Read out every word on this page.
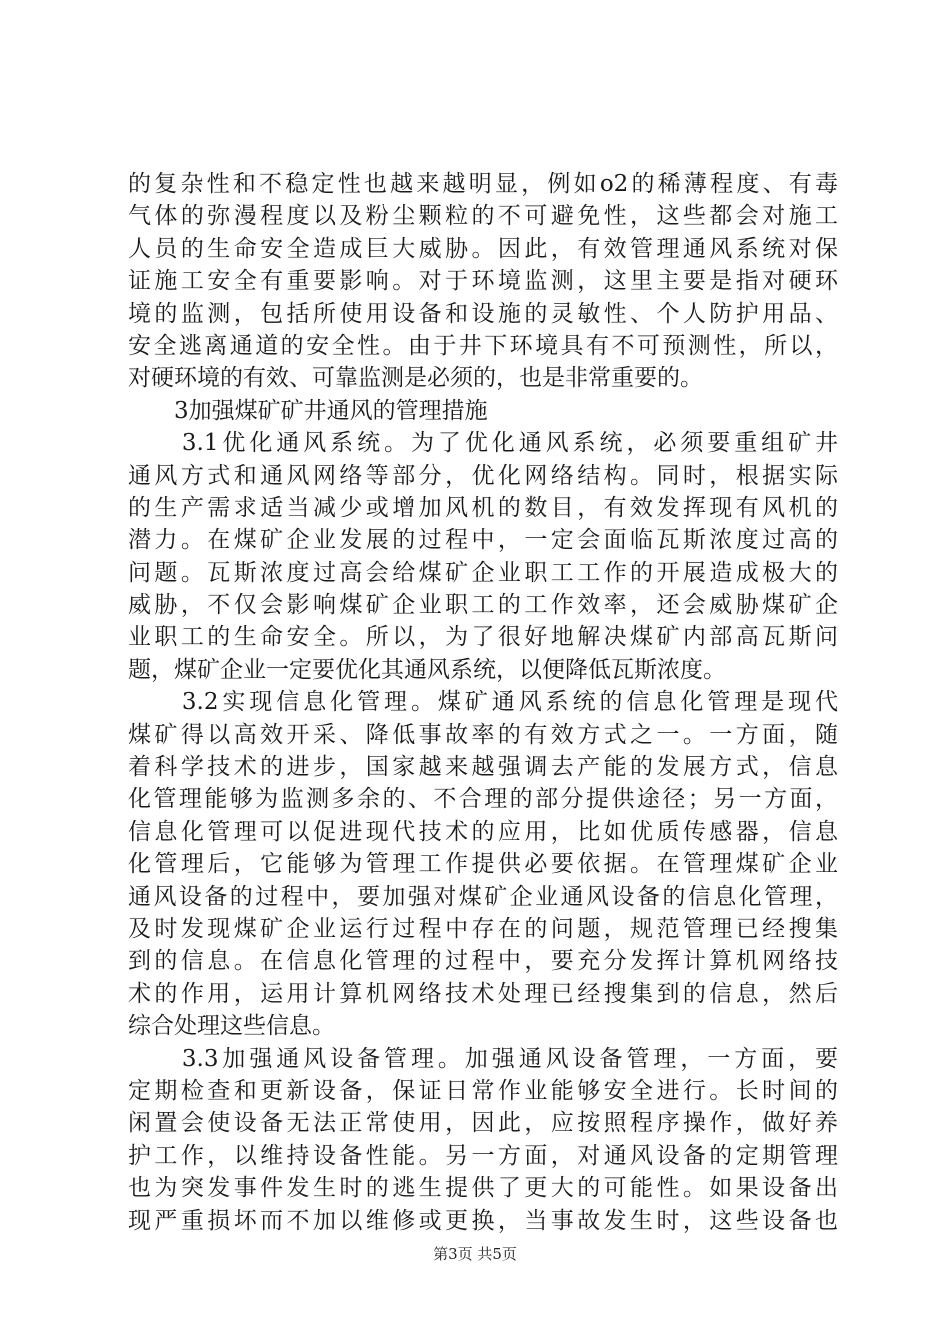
的复杂性和不稳定性也越来越明显，例如o2的稀薄程度、有毒
气体的弥漫程度以及粉尘颗粒的不可避免性，这些都会对施工
人员的生命安全造成巨大威胁。因此，有效管理通风系统对保
证施工安全有重要影响。对于环境监测，这里主要是指对硬环
境的监测，包括所使用设备和设施的灵敏性、个人防护用品、
安全逃离通道的安全性。由于井下环境具有不可预测性，所以，
对硬环境的有效、可靠监测是必须的，也是非常重要的。
　　3加强煤矿矿井通风的管理措施
　　3.1优化通风系统。为了优化通风系统，必须要重组矿井
通风方式和通风网络等部分，优化网络结构。同时，根据实际
的生产需求适当减少或增加风机的数目，有效发挥现有风机的
潜力。在煤矿企业发展的过程中，一定会面临瓦斯浓度过高的
问题。瓦斯浓度过高会给煤矿企业职工工作的开展造成极大的
威胁，不仅会影响煤矿企业职工的工作效率，还会威胁煤矿企
业职工的生命安全。所以，为了很好地解决煤矿内部高瓦斯问
题，煤矿企业一定要优化其通风系统，以便降低瓦斯浓度。
　　3.2实现信息化管理。煤矿通风系统的信息化管理是现代
煤矿得以高效开采、降低事故率的有效方式之一。一方面，随
着科学技术的进步，国家越来越强调去产能的发展方式，信息
化管理能够为监测多余的、不合理的部分提供途径；另一方面，
信息化管理可以促进现代技术的应用，比如优质传感器，信息
化管理后，它能够为管理工作提供必要依据。在管理煤矿企业
通风设备的过程中，要加强对煤矿企业通风设备的信息化管理，
及时发现煤矿企业运行过程中存在的问题，规范管理已经搜集
到的信息。在信息化管理的过程中，要充分发挥计算机网络技
术的作用，运用计算机网络技术处理已经搜集到的信息，然后
综合处理这些信息。
　　3.3加强通风设备管理。加强通风设备管理，一方面，要
定期检查和更新设备，保证日常作业能够安全进行。长时间的
闲置会使设备无法正常使用，因此，应按照程序操作，做好养
护工作，以维持设备性能。另一方面，对通风设备的定期管理
也为突发事件发生时的逃生提供了更大的可能性。如果设备出
现严重损坏而不加以维修或更换，当事故发生时，这些设备也
第3页 共5页
